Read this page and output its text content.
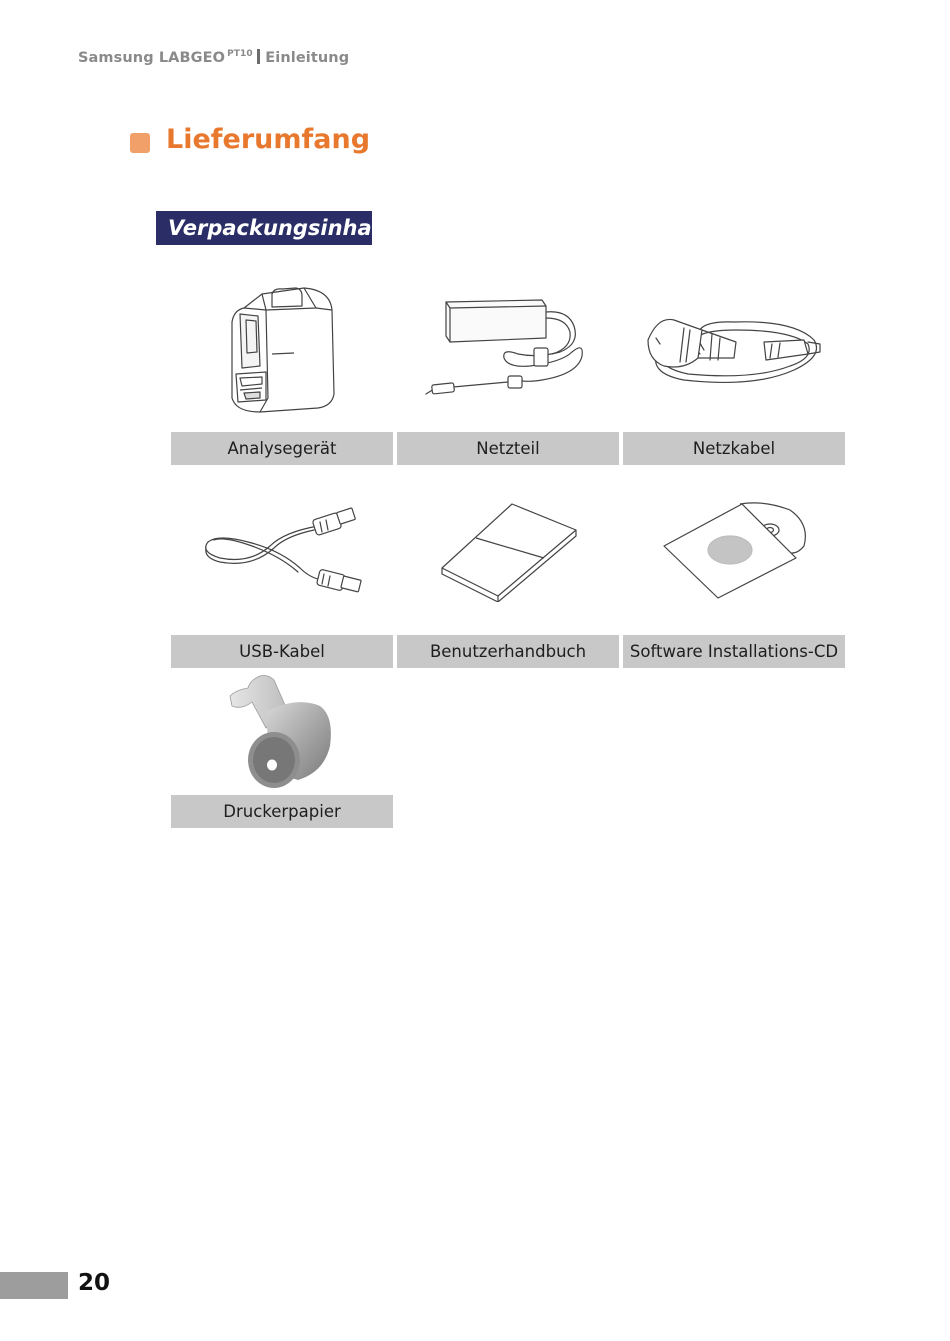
Samsung LABGEO $^{PT10}$ Einleitung
Lieferumfang
Verpackungsinhalt
Analysegerät	Netzteil	Netzkabel
USB-Kabel	Benutzerhandbuch	Software Installations-CD
Druckerpapier
20
